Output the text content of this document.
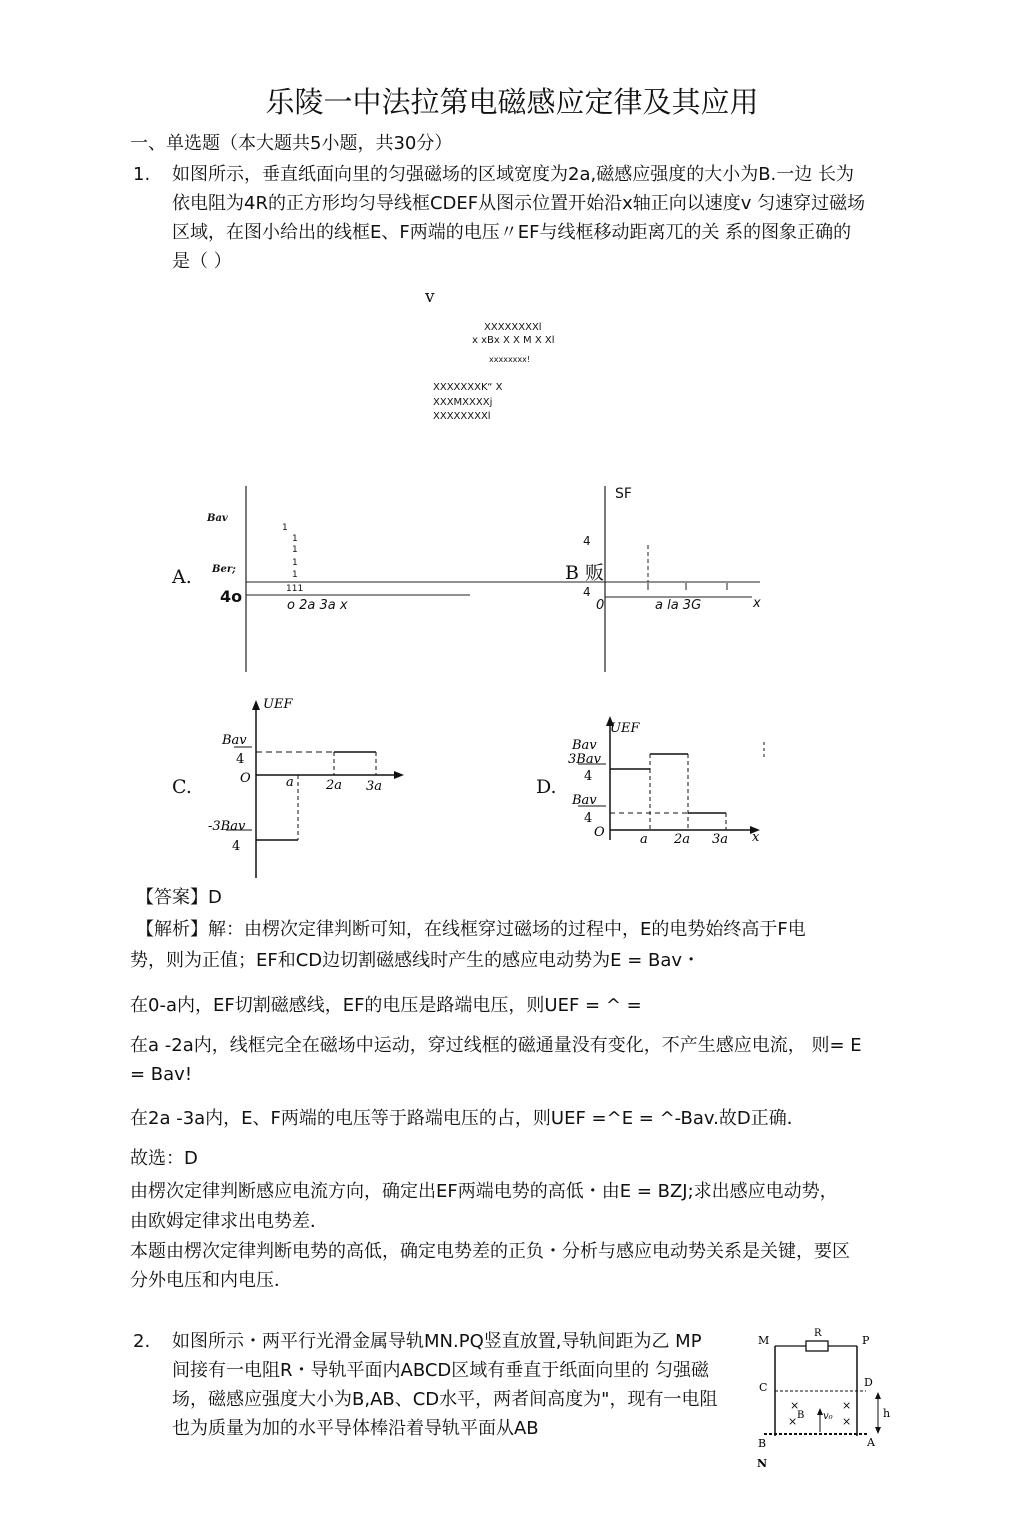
乐陵一中法拉第电磁感应定律及其应用
一、单选题（本大题共5小题，共30分）
1. 如图所示，垂直纸面向里的匀强磁场的区域宽度为2a,磁感应强度的大小为B.一边 长为
依电阻为4R的正方形均匀导线框CDEF从图示位置开始沿x轴正向以速度v 匀速穿过磁场
区域，在图小给出的线框E、F两端的电压〃EF与线框移动距离兀的关 系的图象正确的
是（ ）
v
XXXXXXXXl
x xBx X X M X Xl
xxxxxxxx!
XXXXXXXK“ X
XXXMXXXXj
XXXXXXXXl
A.
Bav
Ber;
4o
1
1
1
1
1
111
o 2a 3a x
B 贩
SF
4
4
0	a la 3G	x
C.
UEF
Bav
4
O	a 2a 3a
-3Bav
4
D.
UEF
Bav
3Bav
4
Bav
4
O	a 2a 3a x
【答案】D
【解析】解：由楞次定律判断可知，在线框穿过磁场的过程中，E的电势始终高于F电
势，则为正值；EF和CD边切割磁感线时产生的感应电动势为E = Bav・
在0-a内，EF切割磁感线，EF的电压是路端电压，则UEF = ^ =
在a -2a内，线框完全在磁场中运动，穿过线框的磁通量没有变化，不产生感应电流， 则= E
= Bav!
在2a -3a内，E、F两端的电压等于路端电压的占，则UEF =^E = ^-Bav.故D正确．
故选：D
由楞次定律判断感应电流方向，确定出EF两端电势的高低・由E = BZJ;求出感应电动势，
由欧姆定律求出电势差．
本题由楞次定律判断电势的高低，确定电势差的正负・分析与感应电动势关系是关键，要区
分外电压和内电压．
2. 如图所示・两平行光滑金属导轨MN.PQ竖直放置,导轨间距为乙 MP
间接有一电阻R・导轨平面内ABCD区域有垂直于纸面向里的 匀强磁
场，磁感应强度大小为B,AB、CD水平，两者间高度为"，现有一电阻
也为质量为加的水平导体棒沿着导轨平面从AB
M
R
P
C	D
h
v₀
B
B	A
×	×
×	×
N
